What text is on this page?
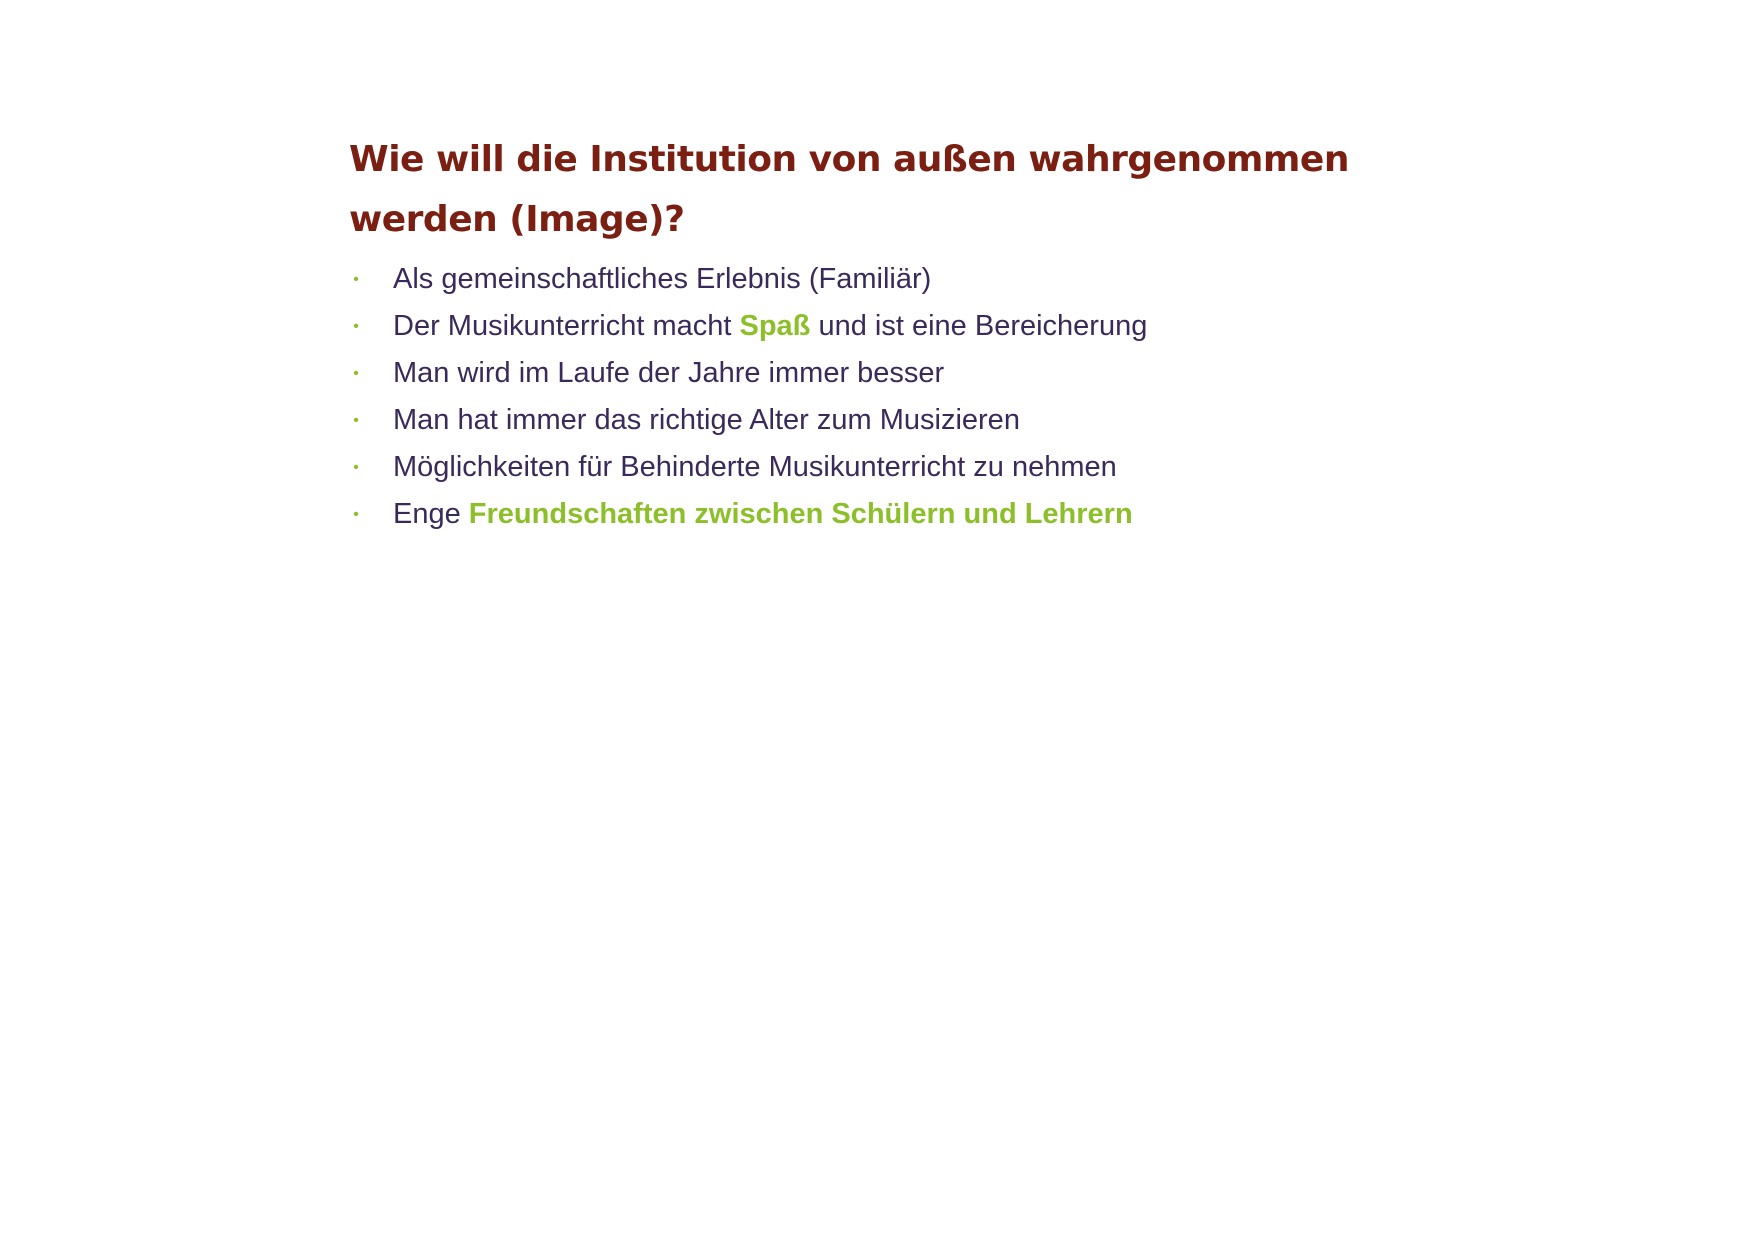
Wie will die Institution von außen wahrgenommen werden (Image)?
• Als gemeinschaftliches Erlebnis (Familiär)
• Der Musikunterricht macht Spaß und ist eine Bereicherung
• Man wird im Laufe der Jahre immer besser
• Man hat immer das richtige Alter zum Musizieren
• Möglichkeiten für Behinderte Musikunterricht zu nehmen
• Enge Freundschaften zwischen Schülern und Lehrern
